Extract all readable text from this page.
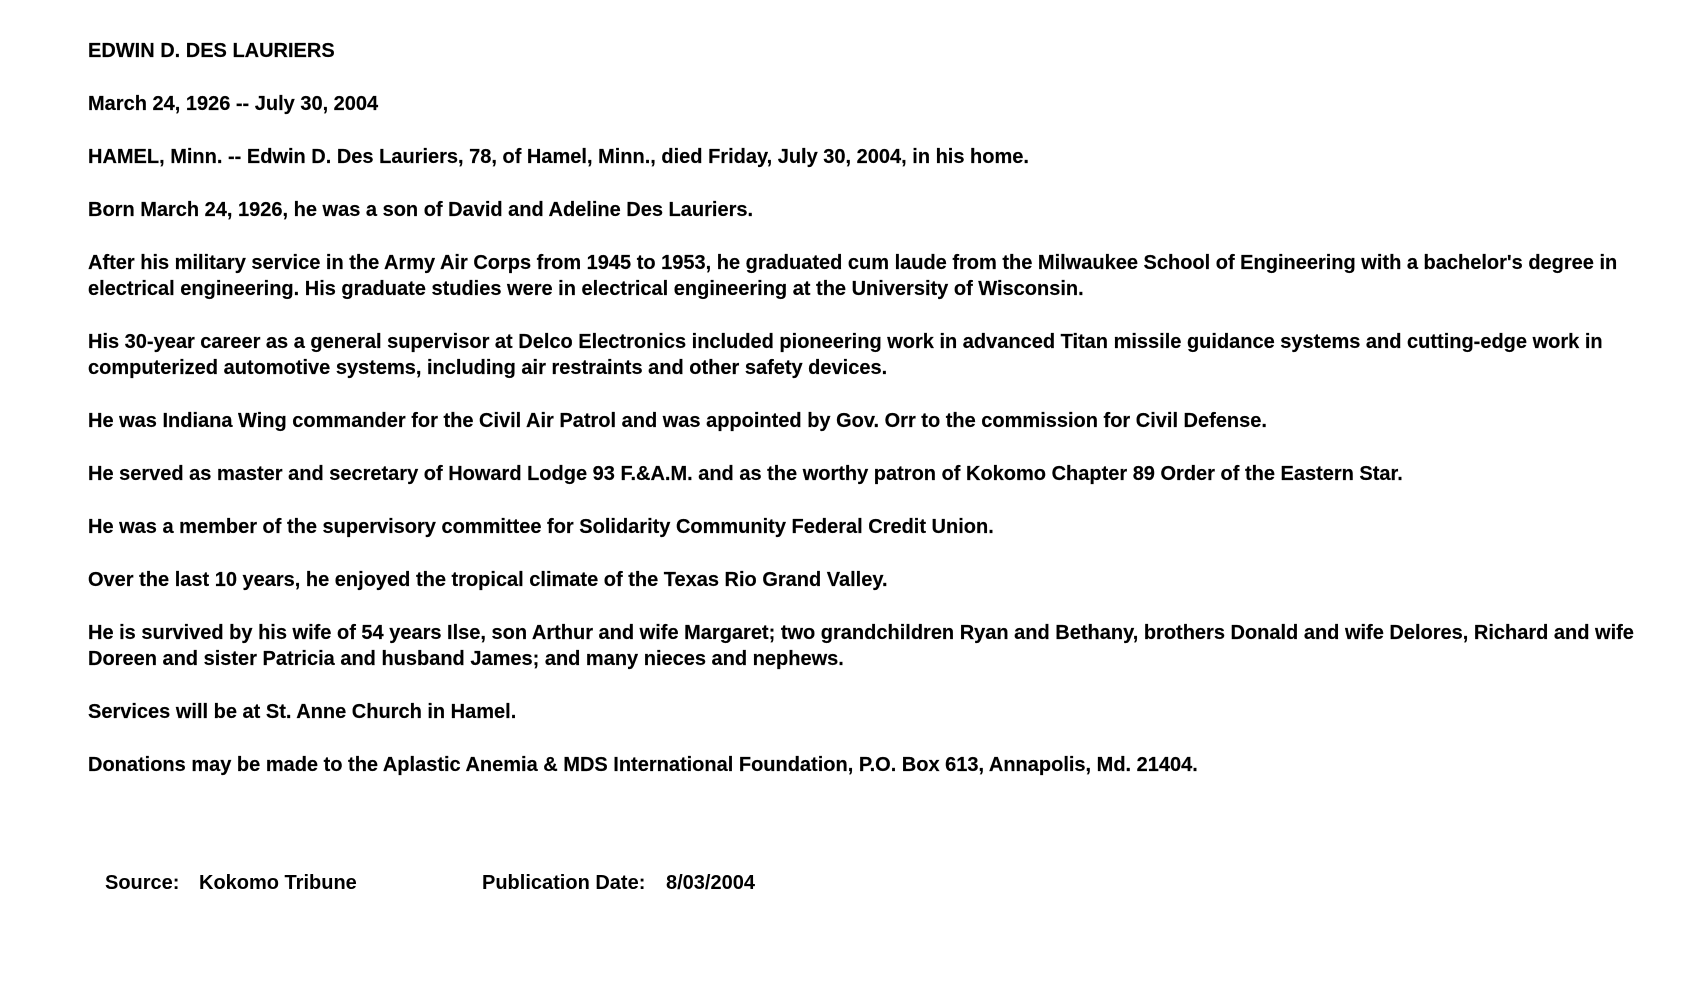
EDWIN D. DES LAURIERS

March 24, 1926 -- July 30, 2004

HAMEL, Minn. -- Edwin D. Des Lauriers, 78, of Hamel, Minn., died Friday, July 30, 2004, in his home.

Born March 24, 1926, he was a son of David and Adeline Des Lauriers.

After his military service in the Army Air Corps from 1945 to 1953, he graduated cum laude from the Milwaukee School of Engineering with a bachelor's degree in electrical engineering. His graduate studies were in electrical engineering at the University of Wisconsin.

His 30-year career as a general supervisor at Delco Electronics included pioneering work in advanced Titan missile guidance systems and cutting-edge work in computerized automotive systems, including air restraints and other safety devices.

He was Indiana Wing commander for the Civil Air Patrol and was appointed by Gov. Orr to the commission for Civil Defense.

He served as master and secretary of Howard Lodge 93 F.&A.M. and as the worthy patron of Kokomo Chapter 89 Order of the Eastern Star.

He was a member of the supervisory committee for Solidarity Community Federal Credit Union.

Over the last 10 years, he enjoyed the tropical climate of the Texas Rio Grand Valley.

He is survived by his wife of 54 years Ilse, son Arthur and wife Margaret; two grandchildren Ryan and Bethany, brothers Donald and wife Delores, Richard and wife Doreen and sister Patricia and husband James; and many nieces and nephews.

Services will be at St. Anne Church in Hamel.

Donations may be made to the Aplastic Anemia & MDS International Foundation, P.O. Box 613, Annapolis, Md. 21404.

Source: Kokomo Tribune	Publication Date: 8/03/2004
